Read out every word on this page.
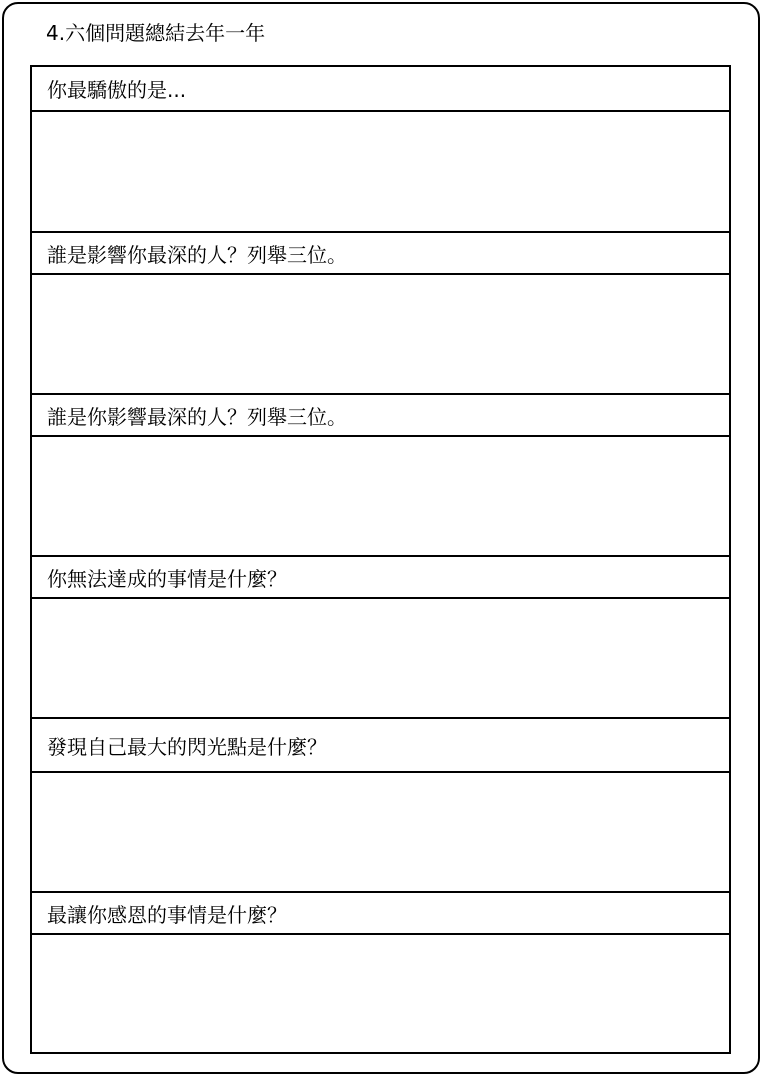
4.六個問題總結去年一年
你最驕傲的是...
誰是影響你最深的人？列舉三位。
誰是你影響最深的人？列舉三位。
你無法達成的事情是什麼？
發現自己最大的閃光點是什麼？
最讓你感恩的事情是什麼？
